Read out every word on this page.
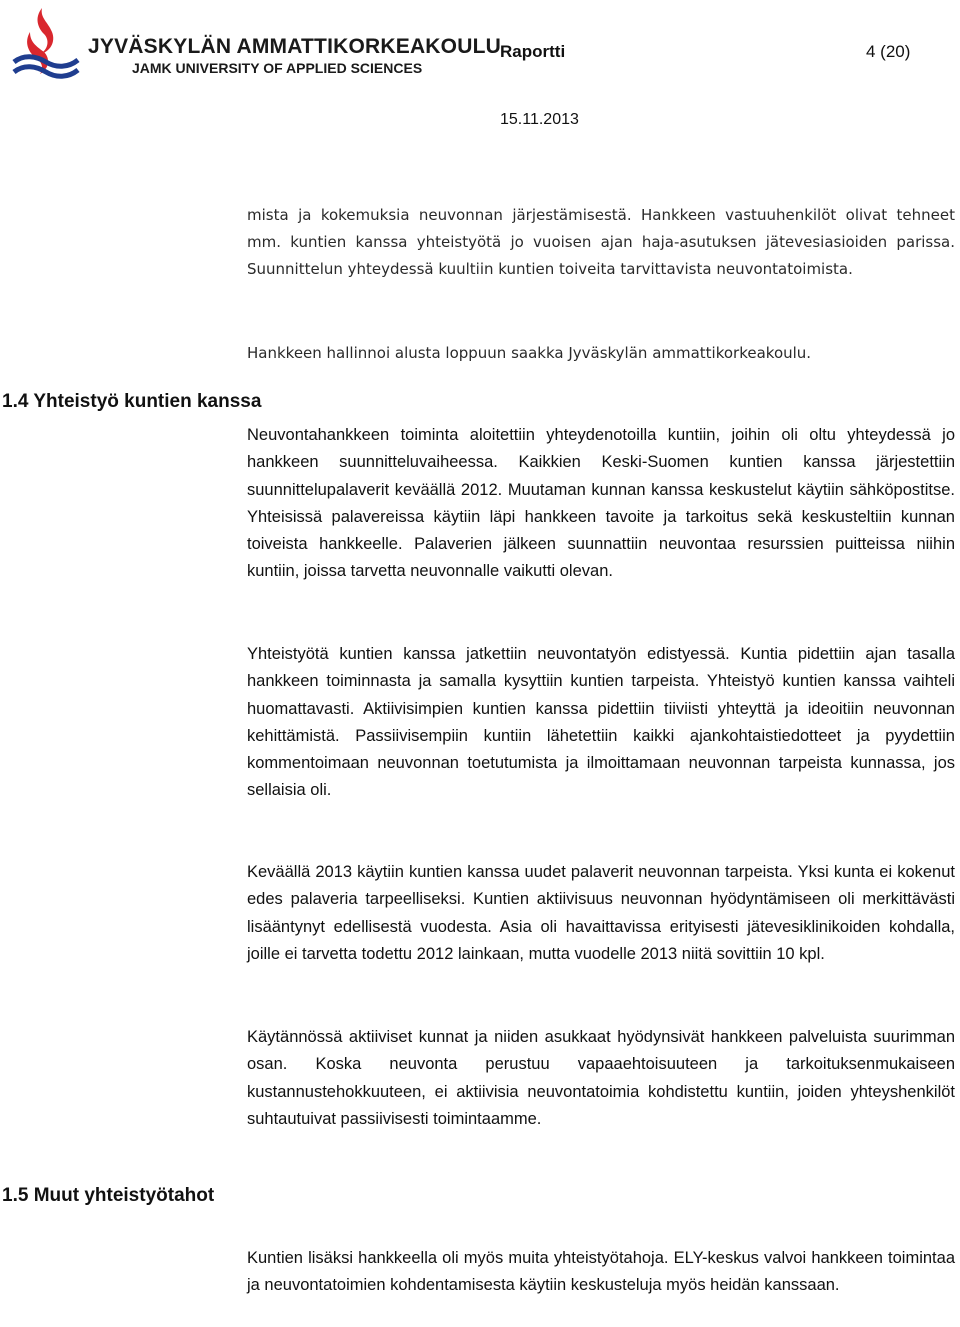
JYVÄSKYLÄN AMMATTIKORKEAKOULU

JAMK UNIVERSITY OF APPLIED SCIENCES

Raportti	4 (20)
15.11.2013
1.4 Yhteistyö kuntien kanssa
1.5 Muut yhteistyötahot

mista ja kokemuksia neuvonnan järjestämisestä. Hankkeen vastuuhenkilöt olivat tehneet mm. kuntien kanssa yhteistyötä jo vuoisen ajan haja-asutuksen jätevesiasioiden parissa. Suunnittelun yhteydessä kuultiin kuntien toiveita tarvittavista neuvontatoimista.

Hankkeen hallinnoi alusta loppuun saakka Jyväskylän ammattikorkeakoulu.

Neuvontahankkeen toiminta aloitettiin yhteydenotoilla kuntiin, joihin oli oltu yhteydessä jo hankkeen suunnitteluvaiheessa. Kaikkien Keski-Suomen kuntien kanssa järjestettiin suunnittelupalaverit keväällä 2012. Muutaman kunnan kanssa keskustelut käytiin sähköpostitse. Yhteisissä palavereissa käytiin läpi hankkeen tavoite ja tarkoitus sekä keskusteltiin kunnan toiveista hankkeelle. Palaverien jälkeen suunnattiin neuvontaa resurssien puitteissa niihin kuntiin, joissa tarvetta neuvonnalle vaikutti olevan.

Yhteistyötä kuntien kanssa jatkettiin neuvontatyön edistyessä. Kuntia pidettiin ajan tasalla hankkeen toiminnasta ja samalla kysyttiin kuntien tarpeista. Yhteistyö kuntien kanssa vaihteli huomattavasti. Aktiivisimpien kuntien kanssa pidettiin tiiviisti yhteyttä ja ideoitiin neuvonnan kehittämistä. Passiivisempiin kuntiin lähetettiin kaikki ajankohtaistiedotteet ja pyydettiin kommentoimaan neuvonnan toetutumista ja ilmoittamaan neuvonnan tarpeista kunnassa, jos sellaisia oli.

Keväällä 2013 käytiin kuntien kanssa uudet palaverit neuvonnan tarpeista. Yksi kunta ei kokenut edes palaveria tarpeelliseksi. Kuntien aktiivisuus neuvonnan hyödyntämiseen oli merkittävästi lisääntynyt edellisestä vuodesta. Asia oli havaittavissa erityisesti jätevesiklinikoiden kohdalla, joille ei tarvetta todettu 2012 lainkaan, mutta vuodelle 2013 niitä sovittiin 10 kpl.

Käytännössä aktiiviset kunnat ja niiden asukkaat hyödynsivät hankkeen palveluista suurimman osan. Koska neuvonta perustuu vapaaehtoisuuteen ja tarkoituksenmukaiseen kustannustehokkuuteen, ei aktiivisia neuvontatoimia kohdistettu kuntiin, joiden yhteyshenkilöt suhtautuivat passiivisesti toimintaamme.

Kuntien lisäksi hankkeella oli myös muita yhteistyötahoja. ELY-keskus valvoi hankkeen toimintaa ja neuvontatoimien kohdentamisesta käytiin keskusteluja myös heidän kanssaan.
